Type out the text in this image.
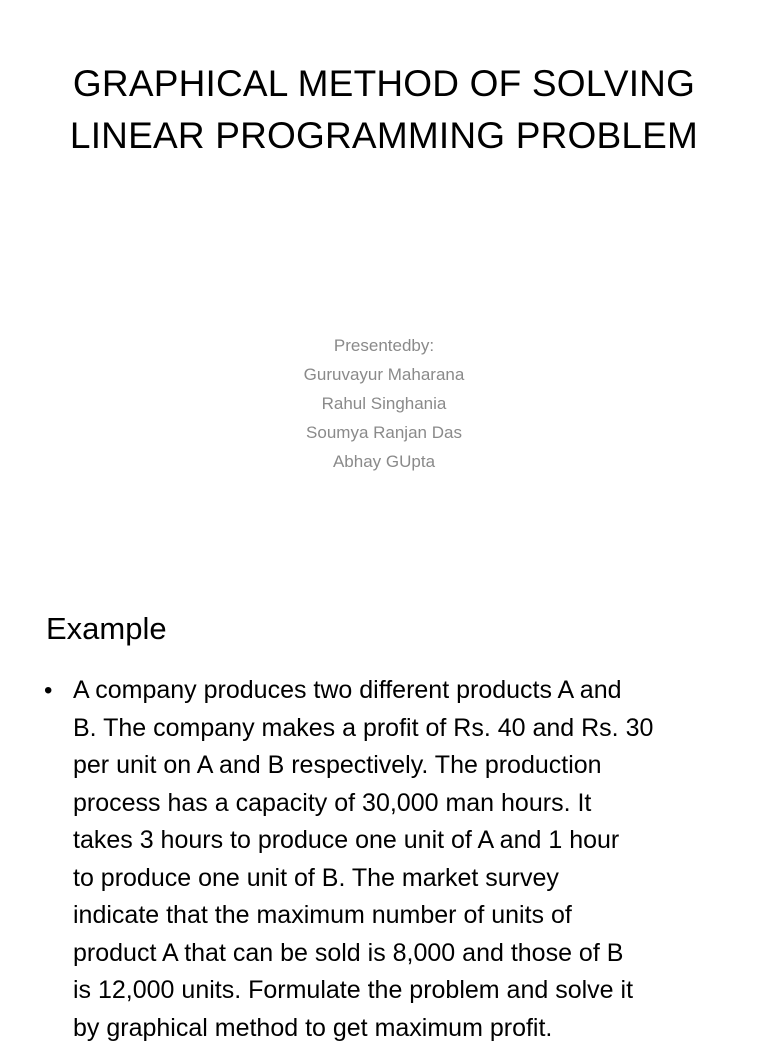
GRAPHICAL METHOD OF SOLVING
LINEAR PROGRAMMING PROBLEM
Presentedby:
Guruvayur Maharana
Rahul Singhania
Soumya Ranjan Das
Abhay GUpta
Example
• A company produces two different products A and
B. The company makes a profit of Rs. 40 and Rs. 30
per unit on A and B respectively. The production
process has a capacity of 30,000 man hours. It
takes 3 hours to produce one unit of A and 1 hour
to produce one unit of B. The market survey
indicate that the maximum number of units of
product A that can be sold is 8,000 and those of B
is 12,000 units. Formulate the problem and solve it
by graphical method to get maximum profit.
